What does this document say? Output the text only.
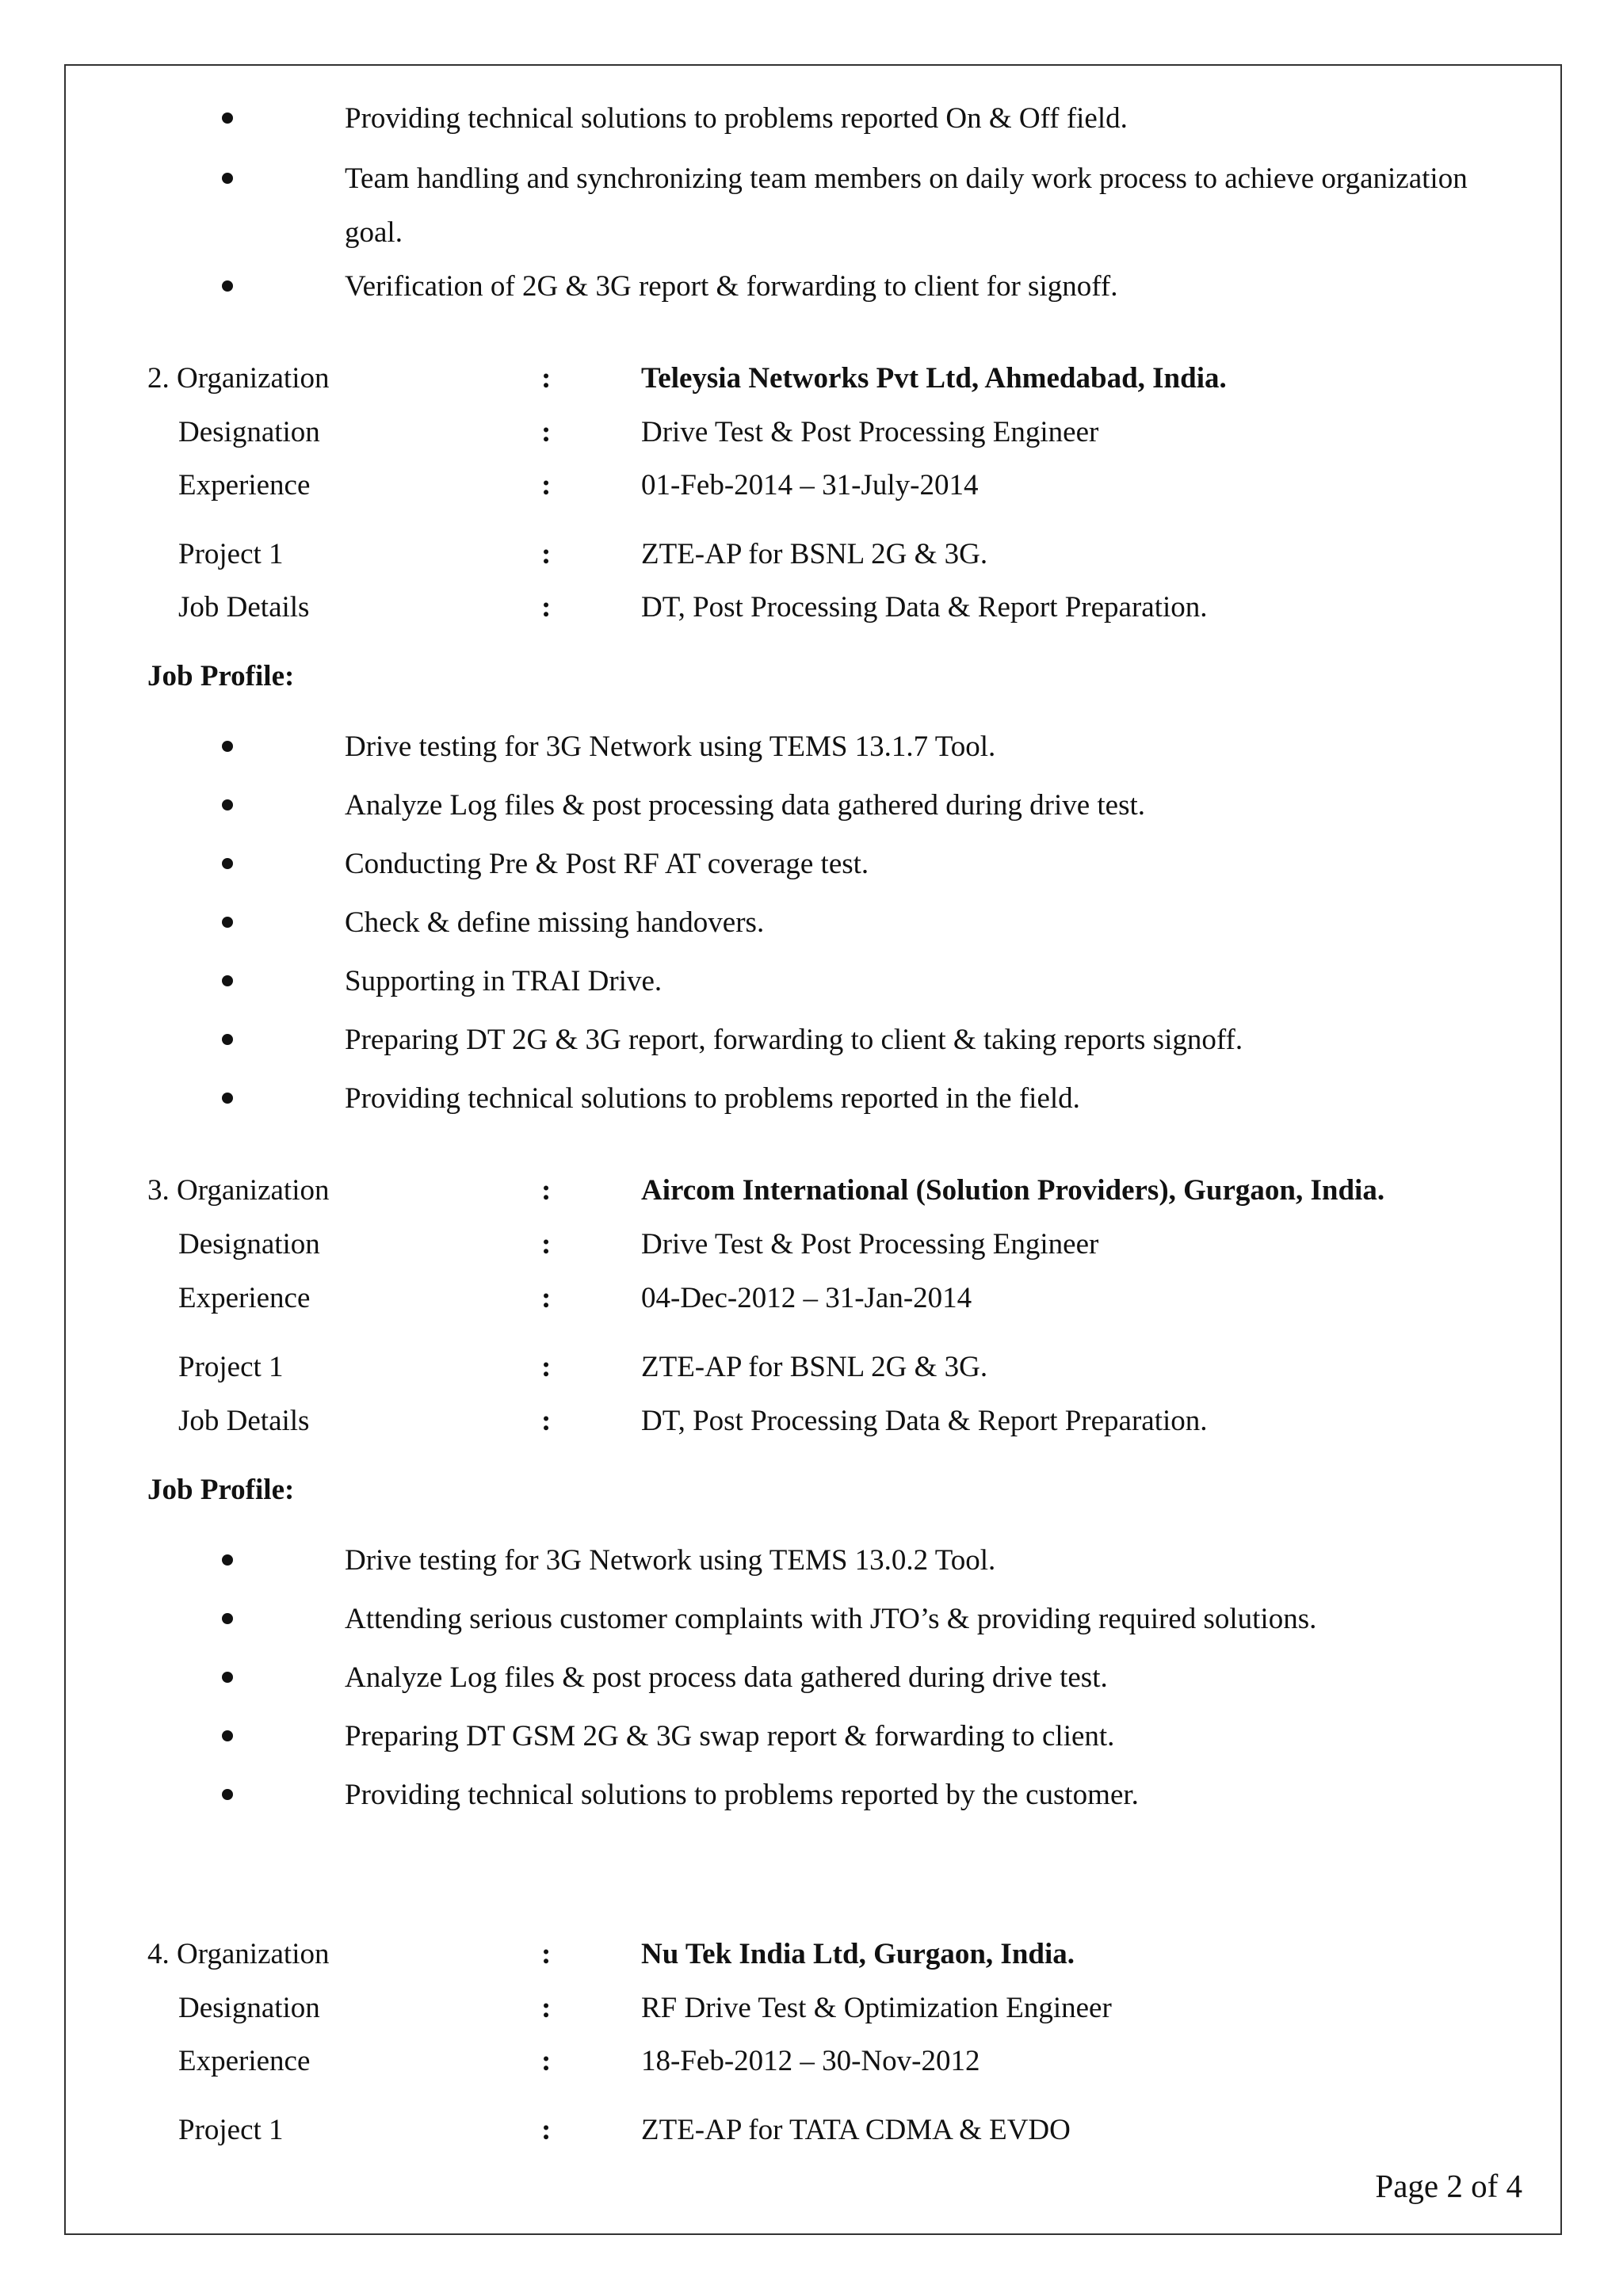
Providing technical solutions to problems reported On & Off field.
Team handling and synchronizing team members on daily work process to achieve organization
goal.
Verification of 2G & 3G report & forwarding to client for signoff.
2. Organization	:	Teleysia Networks Pvt Ltd, Ahmedabad, India.
Designation	:	Drive Test & Post Processing Engineer
Experience	:	01-Feb-2014 – 31-July-2014
Project 1	:	ZTE-AP for BSNL 2G & 3G.
Job Details	:	DT, Post Processing Data & Report Preparation.
Job Profile:
Drive testing for 3G Network using TEMS 13.1.7 Tool.
Analyze Log files & post processing data gathered during drive test.
Conducting Pre & Post RF AT coverage test.
Check & define missing handovers.
Supporting in TRAI Drive.
Preparing DT 2G & 3G report, forwarding to client & taking reports signoff.
Providing technical solutions to problems reported in the field.
3. Organization	:	Aircom International (Solution Providers), Gurgaon, India.
Designation	:	Drive Test & Post Processing Engineer
Experience	:	04-Dec-2012 – 31-Jan-2014
Project 1	:	ZTE-AP for BSNL 2G & 3G.
Job Details	:	DT, Post Processing Data & Report Preparation.
Job Profile:
Drive testing for 3G Network using TEMS 13.0.2 Tool.
Attending serious customer complaints with JTO’s & providing required solutions.
Analyze Log files & post process data gathered during drive test.
Preparing DT GSM 2G & 3G swap report & forwarding to client.
Providing technical solutions to problems reported by the customer.
4. Organization	:	Nu Tek India Ltd, Gurgaon, India.
Designation	:	RF Drive Test & Optimization Engineer
Experience	:	18-Feb-2012 – 30-Nov-2012
Project 1	:	ZTE-AP for TATA CDMA & EVDO
Page 2 of 4
